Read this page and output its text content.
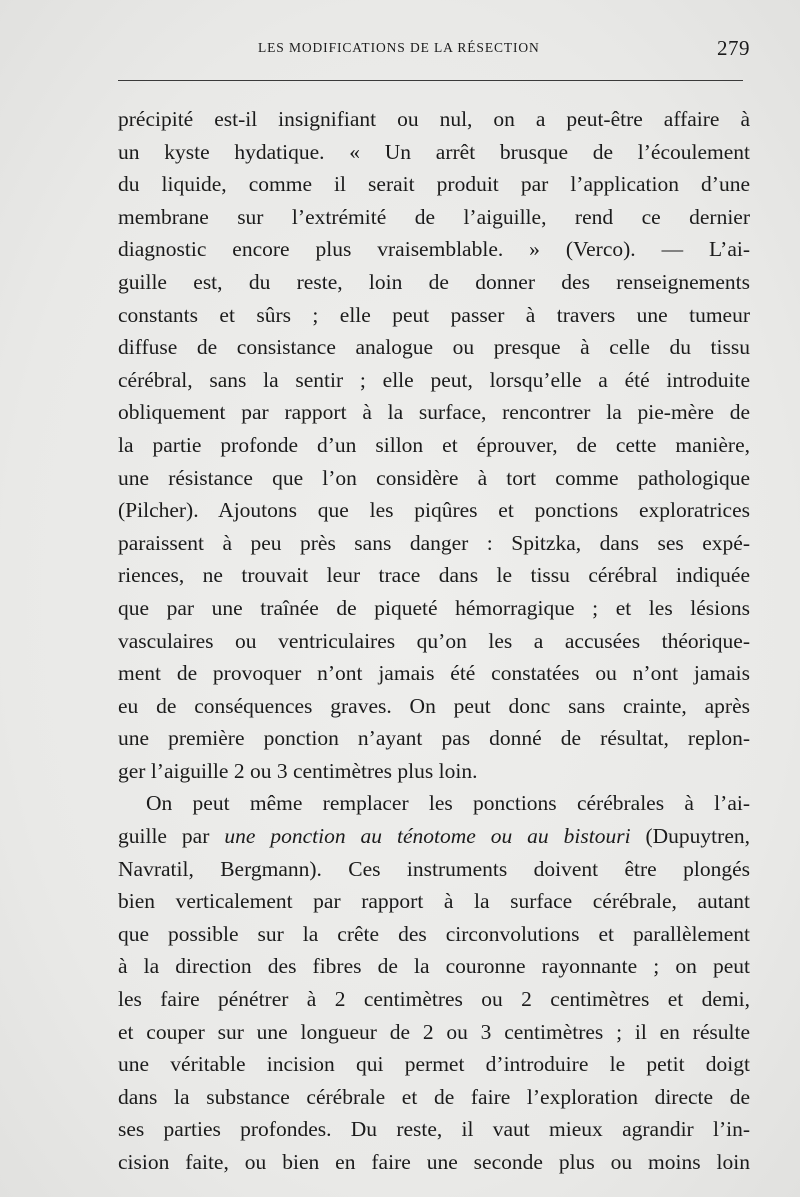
LES MODIFICATIONS DE LA RÉSECTION	279
précipité est-il insignifiant ou nul, on a peut-être affaire à
un kyste hydatique. « Un arrêt brusque de l’écoulement
du liquide, comme il serait produit par l’application d’une
membrane sur l’extrémité de l’aiguille, rend ce dernier
diagnostic encore plus vraisemblable. » (Verco). — L’ai-
guille est, du reste, loin de donner des renseignements
constants et sûrs ; elle peut passer à travers une tumeur
diffuse de consistance analogue ou presque à celle du tissu
cérébral, sans la sentir ; elle peut, lorsqu’elle a été introduite
obliquement par rapport à la surface, rencontrer la pie-mère de
la partie profonde d’un sillon et éprouver, de cette manière,
une résistance que l’on considère à tort comme pathologique
(Pilcher). Ajoutons que les piqûres et ponctions exploratrices
paraissent à peu près sans danger : Spitzka, dans ses expé-
riences, ne trouvait leur trace dans le tissu cérébral indiquée
que par une traînée de piqueté hémorragique ; et les lésions
vasculaires ou ventriculaires qu’on les a accusées théorique-
ment de provoquer n’ont jamais été constatées ou n’ont jamais
eu de conséquences graves. On peut donc sans crainte, après
une première ponction n’ayant pas donné de résultat, replon-
ger l’aiguille 2 ou 3 centimètres plus loin.
On peut même remplacer les ponctions cérébrales à l’ai-
guille par une ponction au ténotome ou au bistouri (Dupuytren,
Navratil, Bergmann). Ces instruments doivent être plongés
bien verticalement par rapport à la surface cérébrale, autant
que possible sur la crête des circonvolutions et parallèlement
à la direction des fibres de la couronne rayonnante ; on peut
les faire pénétrer à 2 centimètres ou 2 centimètres et demi,
et couper sur une longueur de 2 ou 3 centimètres ; il en résulte
une véritable incision qui permet d’introduire le petit doigt
dans la substance cérébrale et de faire l’exploration directe de
ses parties profondes. Du reste, il vaut mieux agrandir l’in-
cision faite, ou bien en faire une seconde plus ou moins loin
